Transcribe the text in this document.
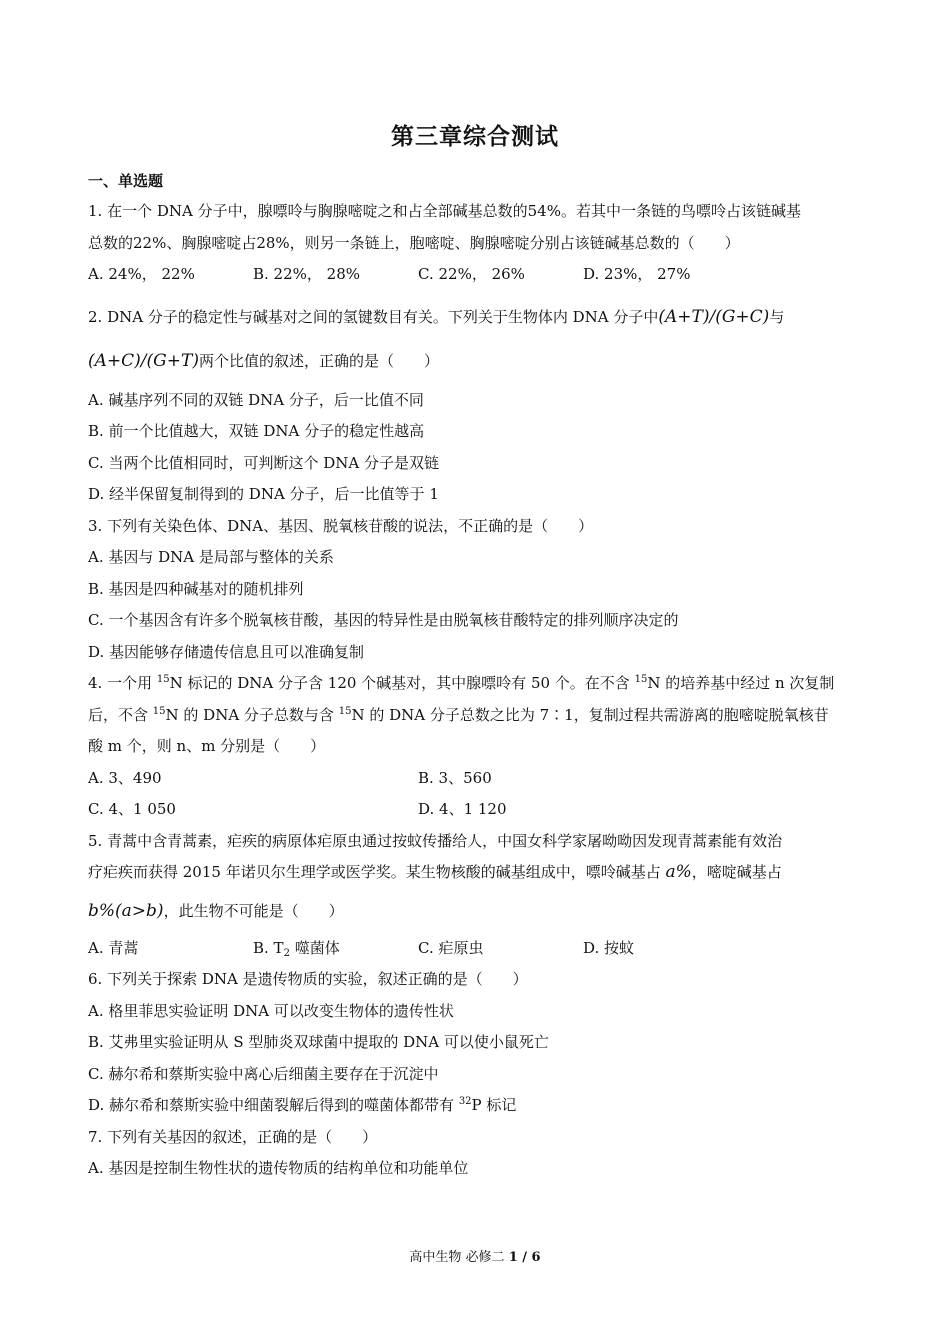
第三章综合测试
一、单选题
1. 在一个 DNA 分子中，腺嘌呤与胸腺嘧啶之和占全部碱基总数的54%。若其中一条链的鸟嘌呤占该链碱基
总数的22%、胸腺嘧啶占28%，则另一条链上，胞嘧啶、胸腺嘧啶分别占该链碱基总数的（　　）
A. 24%， 22%	B. 22%， 28%	C. 22%， 26%	D. 23%， 27%
2. DNA 分子的稳定性与碱基对之间的氢键数目有关。下列关于生物体内 DNA 分子中(A+T)/(G+C)与
(A+C)/(G+T)两个比值的叙述，正确的是（　　）
A. 碱基序列不同的双链 DNA 分子，后一比值不同
B. 前一个比值越大，双链 DNA 分子的稳定性越高
C. 当两个比值相同时，可判断这个 DNA 分子是双链
D. 经半保留复制得到的 DNA 分子，后一比值等于 1
3. 下列有关染色体、DNA、基因、脱氧核苷酸的说法，不正确的是（　　）
A. 基因与 DNA 是局部与整体的关系
B. 基因是四种碱基对的随机排列
C. 一个基因含有许多个脱氧核苷酸，基因的特异性是由脱氧核苷酸特定的排列顺序决定的
D. 基因能够存储遗传信息且可以准确复制
4. 一个用 $^{15}$N 标记的 DNA 分子含 120 个碱基对，其中腺嘌呤有 50 个。在不含 $^{15}$N 的培养基中经过 n 次复制
后，不含 $^{15}$N 的 DNA 分子总数与含 $^{15}$N 的 DNA 分子总数之比为 7∶1，复制过程共需游离的胞嘧啶脱氧核苷
酸 m 个，则 n、m 分别是（　　）
A. 3、490	B. 3、560
C. 4、1 050	D. 4、1 120
5. 青蒿中含青蒿素，疟疾的病原体疟原虫通过按蚊传播给人，中国女科学家屠呦呦因发现青蒿素能有效治
疗疟疾而获得 2015 年诺贝尔生理学或医学奖。某生物核酸的碱基组成中，嘌呤碱基占 a%，嘧啶碱基占
b%(a>b)，此生物不可能是（　　）
A. 青蒿	B. $T_2$ 噬菌体	C. 疟原虫	D. 按蚊
6. 下列关于探索 DNA 是遗传物质的实验，叙述正确的是（　　）
A. 格里菲思实验证明 DNA 可以改变生物体的遗传性状
B. 艾弗里实验证明从 S 型肺炎双球菌中提取的 DNA 可以使小鼠死亡
C. 赫尔希和蔡斯实验中离心后细菌主要存在于沉淀中
D. 赫尔希和蔡斯实验中细菌裂解后得到的噬菌体都带有 $^{32}$P 标记
7. 下列有关基因的叙述，正确的是（　　）
A. 基因是控制生物性状的遗传物质的结构单位和功能单位
高中生物 必修二 1 / 6
